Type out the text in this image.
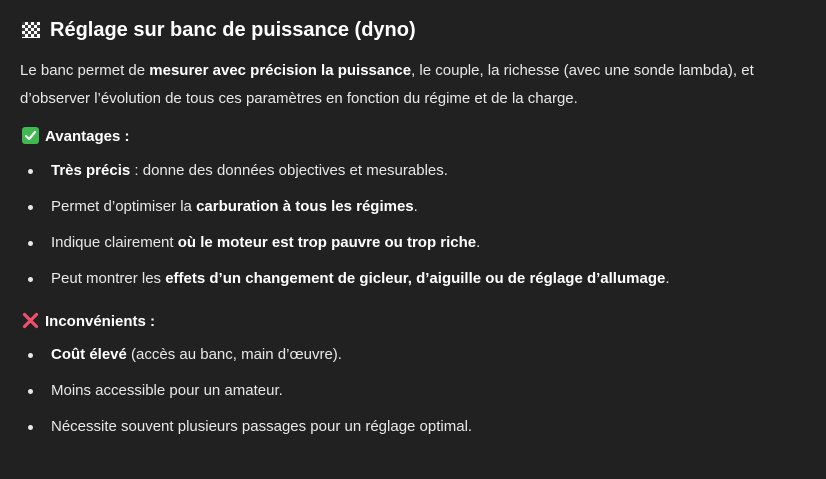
Réglage sur banc de puissance (dyno)

Le banc permet de mesurer avec précision la puissance, le couple, la richesse (avec une sonde lambda), et
d’observer l’évolution de tous ces paramètres en fonction du régime et de la charge.

Avantages :
Très précis : donne des données objectives et mesurables.
Permet d’optimiser la carburation à tous les régimes.
Indique clairement où le moteur est trop pauvre ou trop riche.
Peut montrer les effets d’un changement de gicleur, d’aiguille ou de réglage d’allumage.
Inconvénients :
Coût élevé (accès au banc, main d’œuvre).
Moins accessible pour un amateur.
Nécessite souvent plusieurs passages pour un réglage optimal.
